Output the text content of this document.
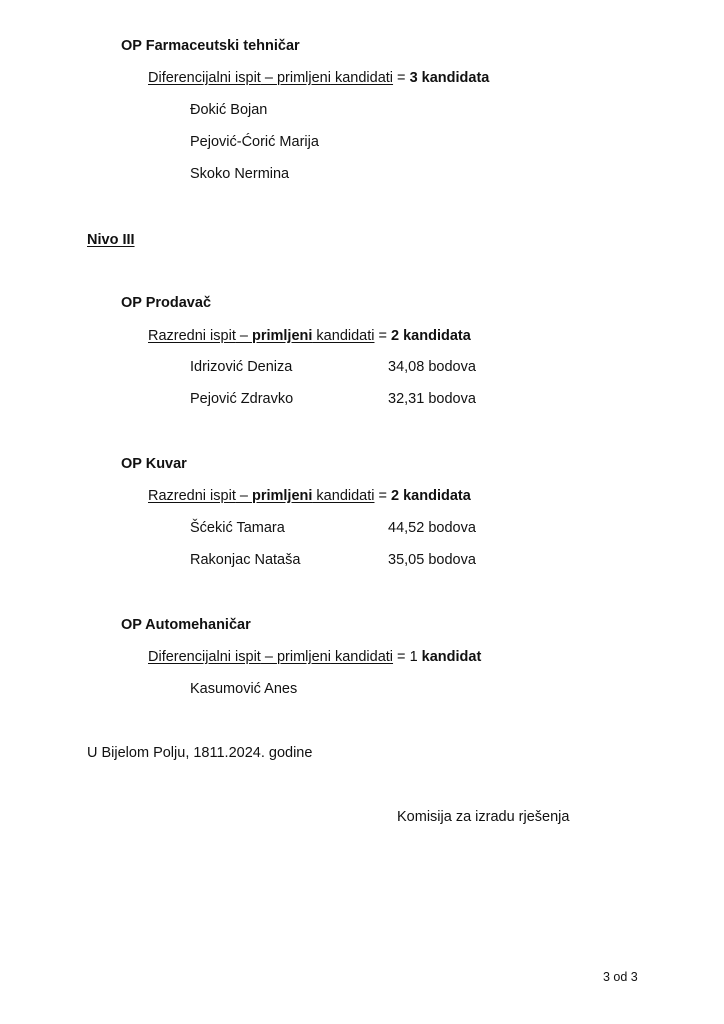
OP Farmaceutski tehničar
Diferencijalni ispit – primljeni kandidati = 3 kandidata
Đokić Bojan
Pejović-Ćorić Marija
Skoko Nermina
Nivo III
OP Prodavač
Razredni ispit – primljeni kandidati = 2 kandidata
Idrizović Deniza	34,08 bodova
Pejović Zdravko	32,31 bodova
OP Kuvar
Razredni ispit – primljeni kandidati = 2 kandidata
Šćekić Tamara	44,52 bodova
Rakonjac Nataša	35,05 bodova
OP Automehaničar
Diferencijalni ispit – primljeni kandidati = 1 kandidat
Kasumović Anes
U Bijelom Polju, 1811.2024. godine
Komisija za izradu rješenja
3 od 3
